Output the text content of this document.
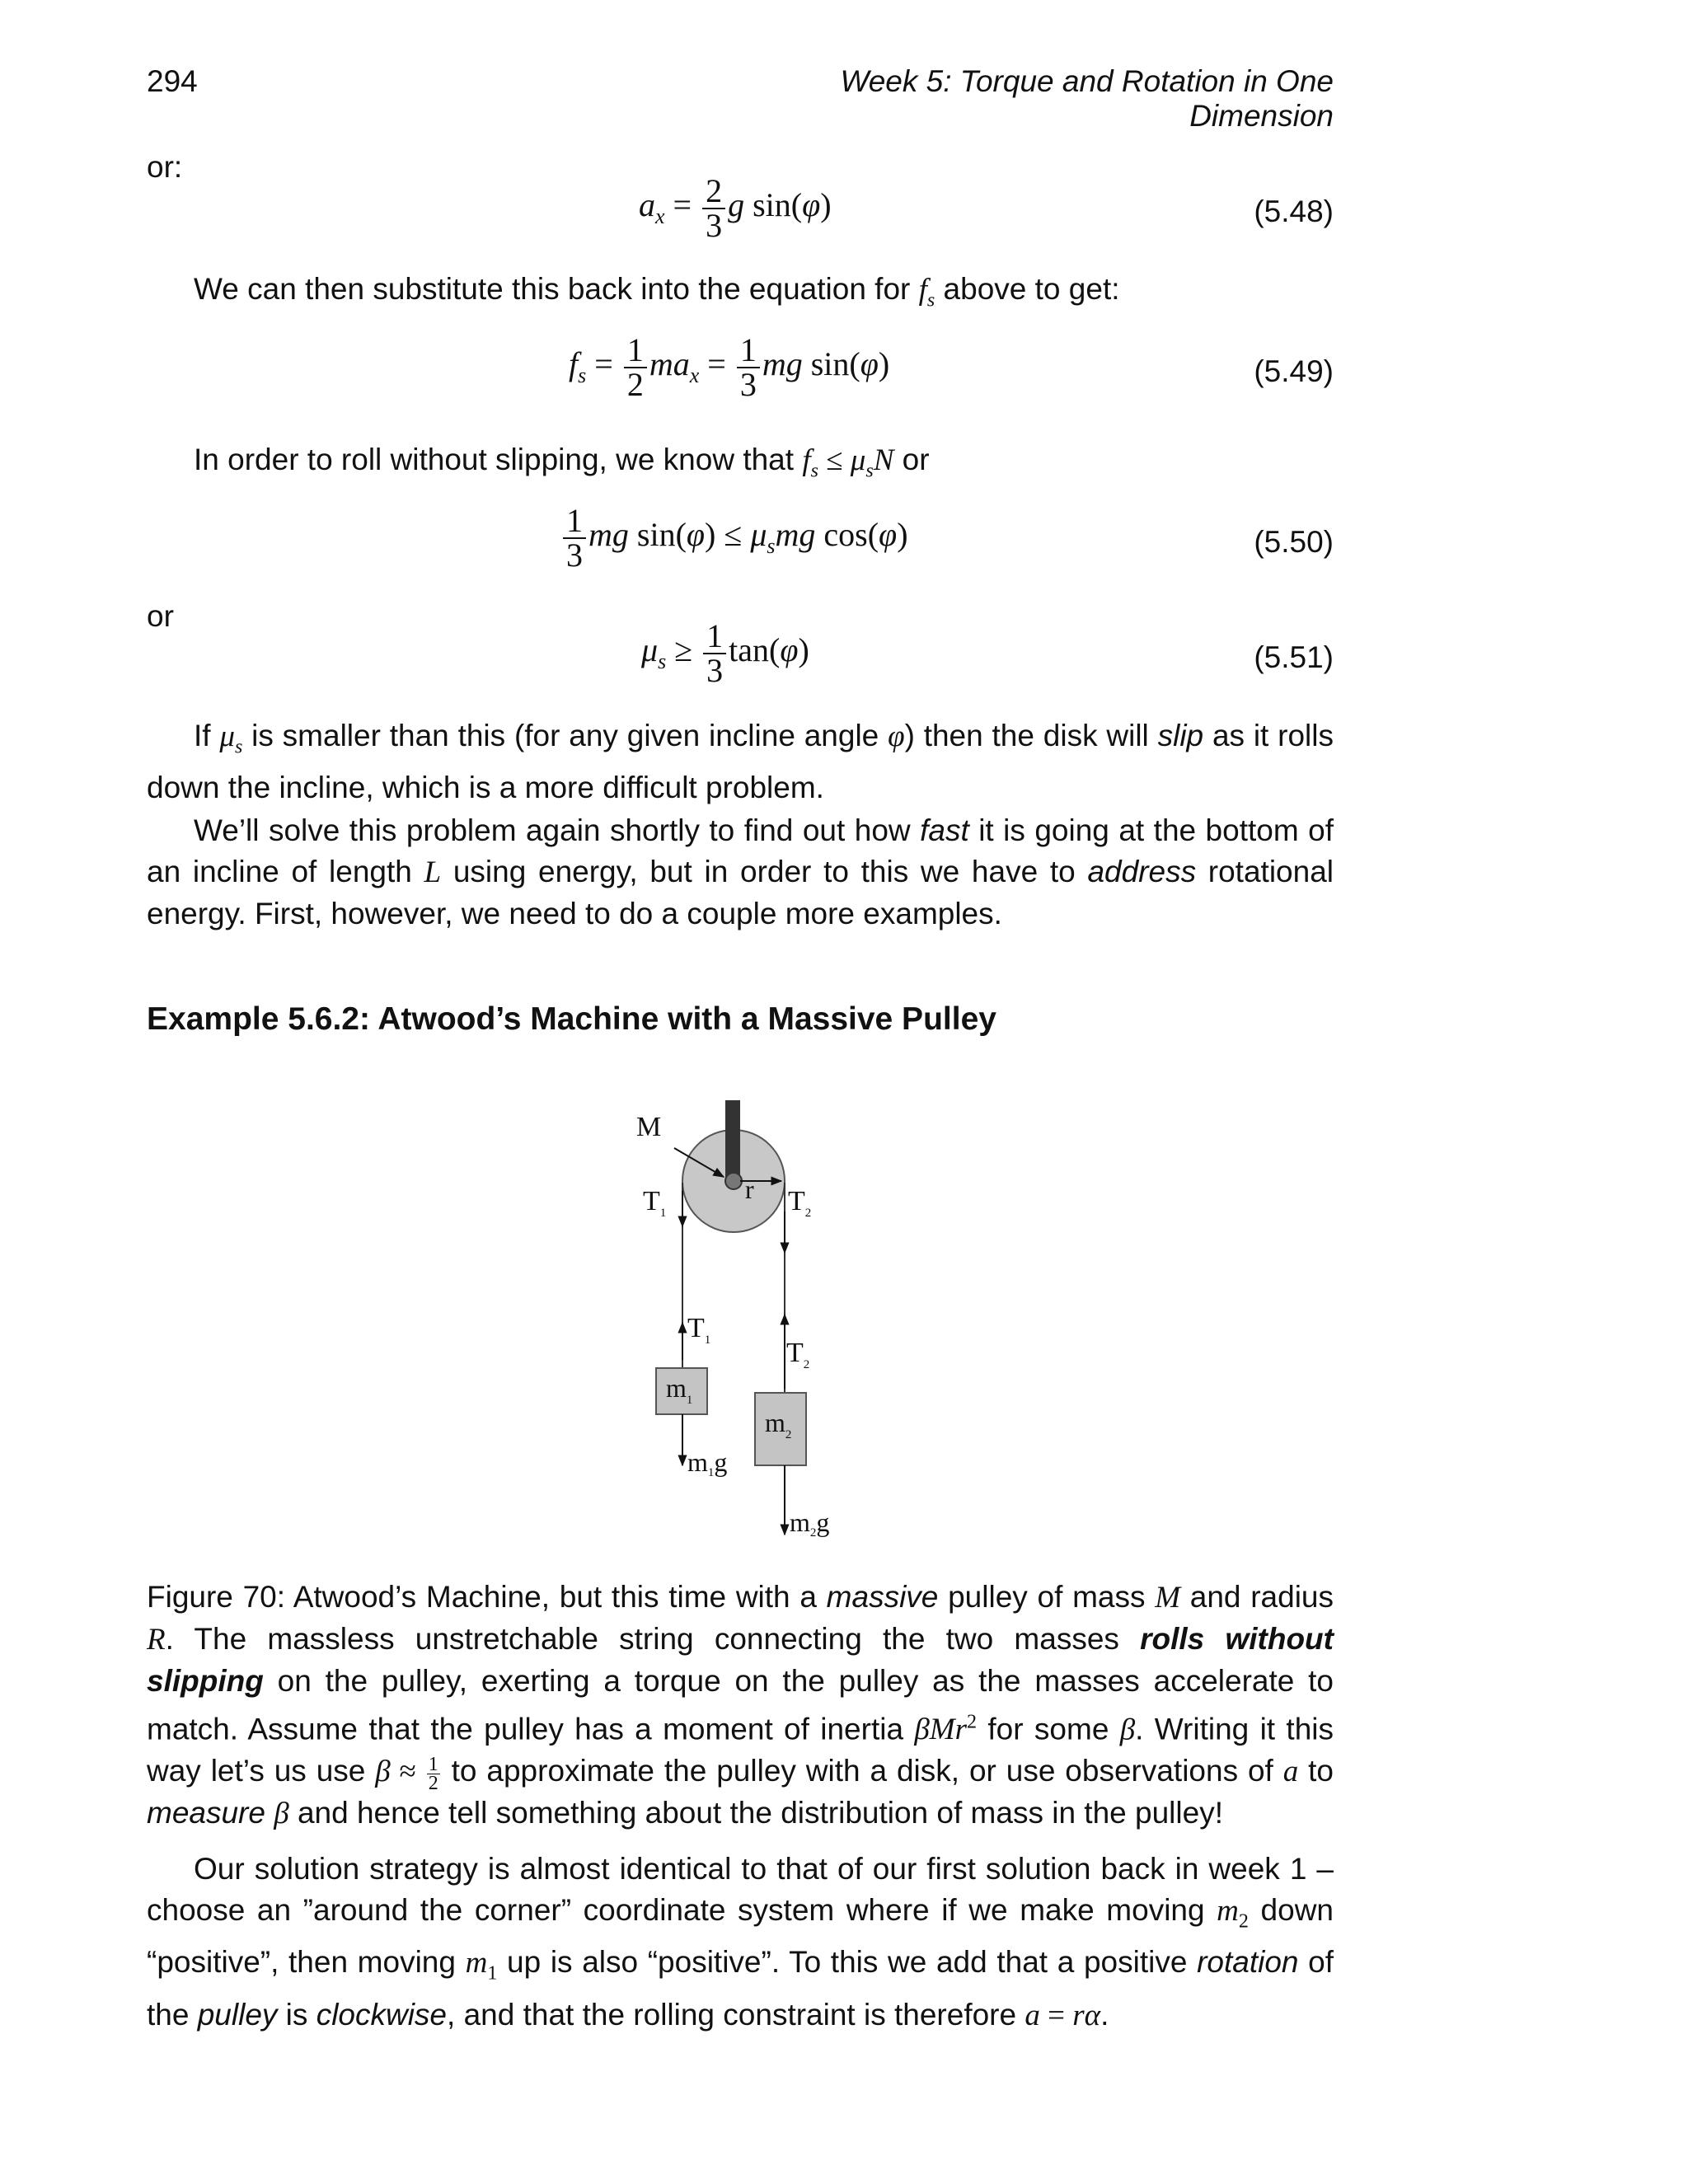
294	Week 5: Torque and Rotation in One Dimension
or:
$a_x = \frac{2}{3}$ g sin(φ)	(5.48)
We can then substitute this back into the equation for $f_s$ above to get:
$f_s = \frac{1}{2} ma_x = \frac{1}{3}$ mg sin(φ)	(5.49)
In order to roll without slipping, we know that $f_s \le \mu_sN$ or
$\frac{1}{3}$ mg $\sin(\varphi) \le \mu_smg$ cos(φ)	(5.50)
or
$\mu_s \ge \frac{1}{3} \tan(\varphi)$	(5.51)
If $\mu_s$ is smaller than this (for any given incline angle φ) then the disk will slip as it rolls down the incline, which is a more difficult problem.
We’ll solve this problem again shortly to find out how fast it is going at the bottom of an incline of length L using energy, but in order to this we have to address rotational energy. First, however, we need to do a couple more examples.
Example 5.6.2: Atwood’s Machine with a Massive Pulley
M
r
$T_1$	$T_2$
$T_1$	$T_2$
$m_1$
$m_2$
m1g
m2g
Figure 70: Atwood’s Machine, but this time with a massive pulley of mass M and radius R. The massless unstretchable string connecting the two masses rolls without slipping on the pulley, exerting a torque on the pulley as the masses accelerate to match. Assume that the pulley has a moment of inertia βMr$^2$ for some β. Writing it this way let’s us use $\beta \approx \frac{1}{2}$ to approximate the pulley with a disk, or use observations of a to measure β and hence tell something about the distribution of mass in the pulley!
Our solution strategy is almost identical to that of our first solution back in week 1 – choose an ”around the corner” coordinate system where if we make moving $m_2$ down “positive”, then moving $m_1$ up is also “positive”. To this we add that a positive rotation of the pulley is clockwise, and that the rolling constraint is therefore a = rα.
